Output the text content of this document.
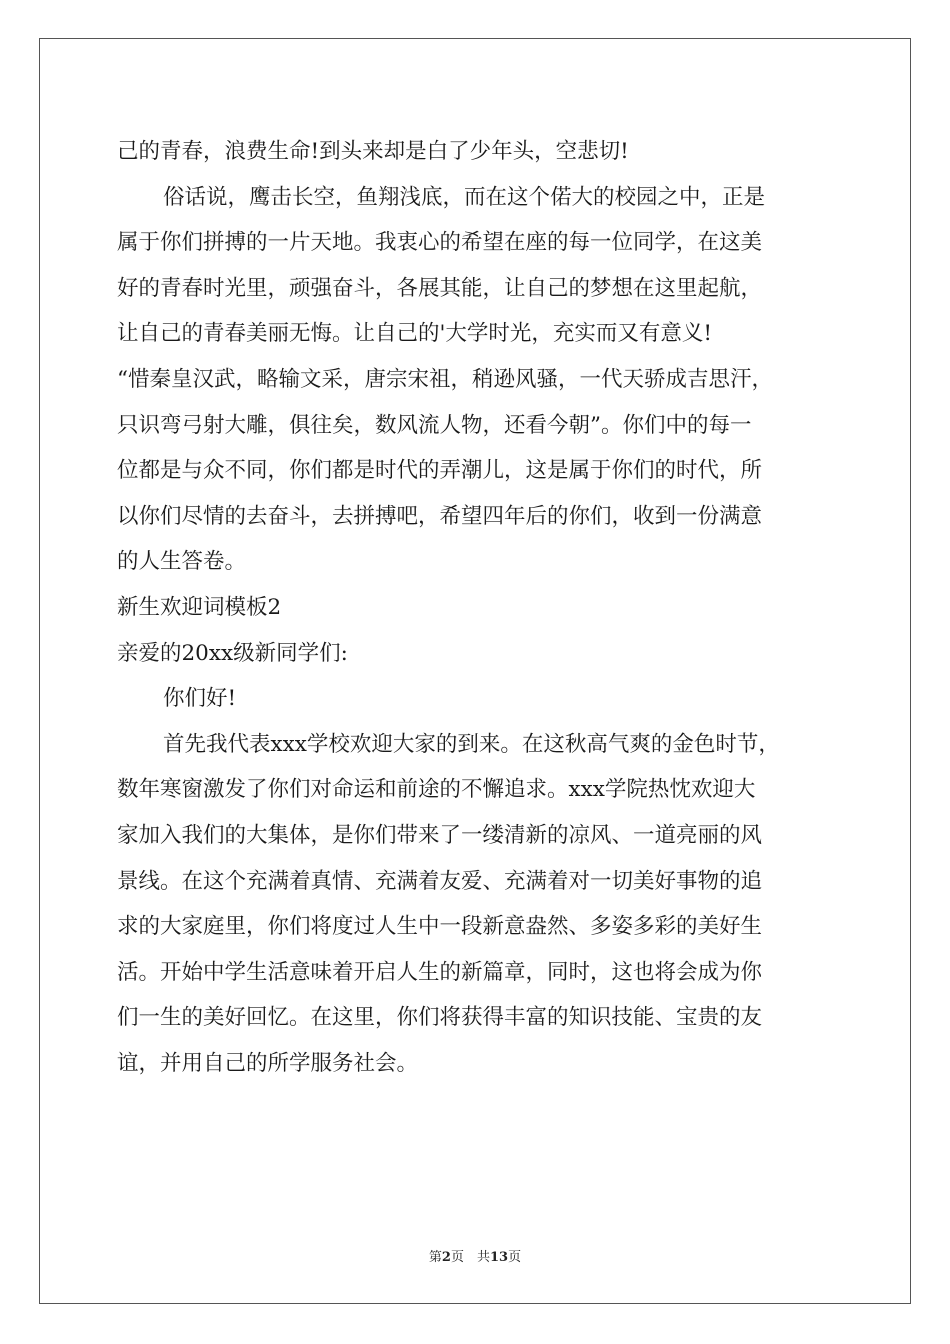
己的青春，浪费生命!到头来却是白了少年头，空悲切!
俗话说，鹰击长空，鱼翔浅底，而在这个偌大的校园之中，正是
属于你们拼搏的一片天地。我衷心的希望在座的每一位同学，在这美
好的青春时光里，顽强奋斗，各展其能，让自己的梦想在这里起航，
让自己的青春美丽无悔。让自己的'大学时光，充实而又有意义!
“惜秦皇汉武，略输文采，唐宗宋祖，稍逊风骚，一代天骄成吉思汗，
只识弯弓射大雕，俱往矣，数风流人物，还看今朝”。你们中的每一
位都是与众不同，你们都是时代的弄潮儿，这是属于你们的时代，所
以你们尽情的去奋斗，去拼搏吧，希望四年后的你们，收到一份满意
的人生答卷。
新生欢迎词模板2
亲爱的20xx级新同学们:
你们好!
首先我代表xxx学校欢迎大家的到来。在这秋高气爽的金色时节，
数年寒窗激发了你们对命运和前途的不懈追求。xxx学院热忱欢迎大
家加入我们的大集体，是你们带来了一缕清新的凉风、一道亮丽的风
景线。在这个充满着真情、充满着友爱、充满着对一切美好事物的追
求的大家庭里，你们将度过人生中一段新意盎然、多姿多彩的美好生
活。开始中学生活意味着开启人生的新篇章，同时，这也将会成为你
们一生的美好回忆。在这里，你们将获得丰富的知识技能、宝贵的友
谊，并用自己的所学服务社会。
第2页　共13页
